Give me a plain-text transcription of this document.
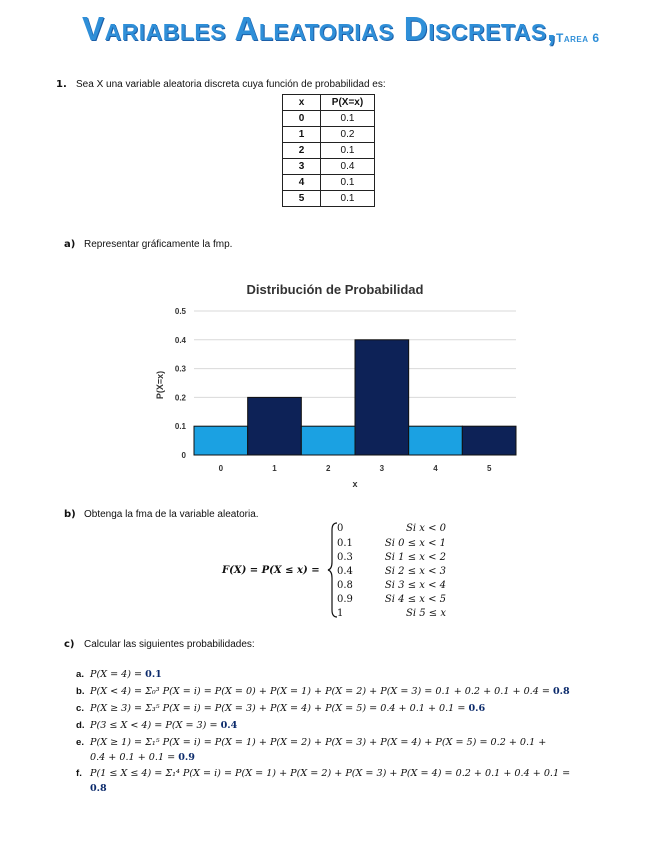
Variables Aleatorias Discretas, Tarea 6
1. Sea X una variable aleatoria discreta cuya función de probabilidad es:
x	P(X=x)
0	0.1
1	0.2
2	0.1
3	0.4
4	0.1
5	0.1
a) Representar gráficamente la fmp.
Distribución de Probabilidad
0
0.1
0.2
0.3
0.4
0.5
0	1	2	3	4	5
P(X=x)
x
b) Obtenga la fma de la variable aleatoria.
F(X) = P(X ≤ x) =
0	Si x < 0
0.1	Si 0 ≤ x < 1
0.3	Si 1 ≤ x < 2
0.4	Si 2 ≤ x < 3
0.8	Si 3 ≤ x < 4
0.9	Si 4 ≤ x < 5
1	Si 5 ≤ x
c) Calcular las siguientes probabilidades:
a. P(X = 4) = 0.1
b. P(X < 4) = Σ₀³ P(X = i) = P(X = 0) + P(X = 1) + P(X = 2) + P(X = 3) = 0.1 + 0.2 + 0.1 + 0.4 = 0.8
c. P(X ≥ 3) = Σ₃⁵ P(X = i) = P(X = 3) + P(X = 4) + P(X = 5) = 0.4 + 0.1 + 0.1 = 0.6
d. P(3 ≤ X < 4) = P(X = 3) = 0.4
e. P(X ≥ 1) = Σ₁⁵ P(X = i) = P(X = 1) + P(X = 2) + P(X = 3) + P(X = 4) + P(X = 5) = 0.2 + 0.1 +
0.4 + 0.1 + 0.1 = 0.9
f. P(1 ≤ X ≤ 4) = Σ₁⁴ P(X = i) = P(X = 1) + P(X = 2) + P(X = 3) + P(X = 4) = 0.2 + 0.1 + 0.4 + 0.1 =
0.8
